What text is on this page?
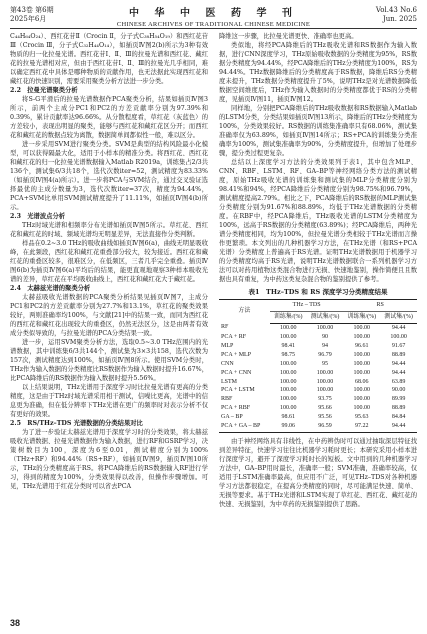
第43卷 第6期
2025年6月	中 华 中 医 药 学 刊
CHINESE ARCHIVES OF TRADITIONAL CHINESE MEDICINE
Vol.43 No.6
Jun. 2025

C₄₄H₆₄O₂₄）、西红花苷Ⅱ（Crocin Ⅱ，分子式C₃₈H₅₄O₁₉）和西红花苷Ⅲ（Crocin Ⅲ，分子式C₃₂H₄₄O₁₄），如插页Ⅳ图2(b)所示为3种有效物质的归一化拉曼光谱。西红花苷Ⅰ、Ⅱ、Ⅲ的拉曼光谱和西红花、藏红花的拉曼光谱相对应，但由于西红花苷Ⅰ、Ⅱ、Ⅲ的拉曼光几乎相同，难以确定西红花中具体是哪种物质的贡献作用，也无法据此实现西红花和藏红花的快速识别，需要采用聚类分析方法进一步分类。

2.2　拉曼光谱聚类分析

将S-G平滑后的拉曼光谱数据作PCA聚类分析，结果如插页Ⅳ图3所示，前两个主成分PC1和PC2的方差贡献率分别为97.39%和0.39%，累计贡献率达96.66%。从分散程度看，草红花（灰蓝色）的方差较小，表现出明显的聚类，能够与西红花和藏红花区分开；而西红花和藏红花的数据点较为离散，数据简单间都似性一般，难以区分。

进一步采用SVM进行聚类分类。SVM是典型的结构风险最小化模型，可以获得隔最大化，适用于小样本的精准分类。将西红花、西红花和藏红花的归一化拉曼光谱数据输入Matlab R2019a，训练集占2/3共136个，测试集6/3共18个，选代次数iter=52，测试精度为83.33%（如插页Ⅳ图4(a)所示）。进一步将PCA与SVM结合，通过交叉验证选择最优的主成分数量为3，选代次数iter=37次，精度为94.44%，PCA+SVM比单用SVM测试精度提升了11.11%，如插页Ⅳ图4(b)所示。

2.3　光谱波点分析

THz时域光谱和相频率分布光谱如插页Ⅳ图5所示。草红花、西红花和藏红花的时域、频域光谱均无明显差异，无法直接作分类判断。

样品在0.2~3.0 THz的吸收曲线如插页Ⅳ图6(a)，曲线无明显吸收峰，在此频段，西红花和藏红花重叠部分较大，较为接近。西红花和藏红花的重叠区较多，很难区分，在低频区，三者几乎完全重叠。插页Ⅳ图6(b)为插页Ⅳ图6(a)平均后的结果，能更直观地观察3种样本吸收光谱的差异，草红花在平均吸收曲线上，西红花和藏红花大于藏红花。

2.4　太赫兹光谱的聚类分析

太赫兹吸收光谱数据的PCA聚类分析结果见插页Ⅳ图7，主成分PC1和PC2的方差贡献率分别为27.7%和13.1%，草红花的聚类效果较好，两则准确率均100%，与文献[21]中的结果一致，而同为西红花的西红花和藏红花出现较大的重叠区，仍然无法区分，这是由两者有效成分类似导致的，与拉曼光谱的PCA分类结果一致。

进一步，运用SVM聚类分析方法，选取0.5~3.0 THz范围内的光谱数据，其中训练集6/3共144个，测试集为3×3共158，选代次数为157次，测试精度达到100%，如插页Ⅳ图8所示。使用SVM分类时，THz作为输入数据的分类精度比RS数据作为输入数据时提升16.67%，比PCA降维后的RS数据作为输入数据时提升5.56%。

以上结果说明，THz光谱用于深度学习时比拉曼光谱有更高的分类精度，这是由于THz时域光谱采用相干测试，信噪比更高，光谱中的信息更为准确，但在低分辨率下THz光谱在更广的频率时对表示分析不仅有更好的效果。

2.5　RS/THz–TDS 光谱数据的分类结果对比

为了进一步验证太赫兹光谱用于深度学习时的分类效果，将太赫兹吸收光谱数据、拉曼光谱数据作为输入数据，进行RF和GSRP学习，决策树数目为100，深度为6至0.01，测试精度分别为100%（THz+RF）和94.44%（RS+RF），如插页Ⅳ图9，插页Ⅳ图10所示，THz的分类精度高于RS。将PCA降维后的RS数据输入RF进行学习，得到的精度为100%，分类效果得以改善，但操作步骤增加。可见，THz光谱用于红花分类时可以省去PCA

降维这一步骤，比拉曼光谱更快、准确率也更高。

类似地，将经PCA降维后的THz吸收光谱和RS数据作为输入数据，进行CNN深度学习，THz原始吸收数据的分类精度为95%，RS数据分类精度为94.44%，经PCA降维后的THz分类精度为100%，RS为94.44%。THz数据降维后的分类精度高于RS数据，降维后RS分类精度未提升，THz数据分类精度提升了5%，说明THz是对光谱数据降低数据空间维度后，THz作为输入数据时的分类精度都优于RS的分类精度，见插页Ⅳ图11，插页Ⅳ图12。

同样地，分别把PCA降维后的THz吸收数据和RS数据输入Matlab的LSTM分类，分类结果如插页Ⅳ图13所示，降维后的THz分类精度为100%，分类效果较好。RS数据的训练集准确率只有68.06%，测试集准确率仅为63.89%，如插页Ⅳ图14所示；RS+PCA的训练集分类准确率为100%，测试集准确率为90%，分类精度提升，但增加了处理步骤，提分类过程更复杂。

总结以上深度学习方法的分类效果列于表1，其中包含MLP、CNN、RBF、LSTM、RF、GA–BP等神经网络分类方法的测试精度，原始THz吸收光谱的训练集和测试集的MLP分类精度分别为98.41%和94%，经PCA降维后分类精度分别为98.75%和96.79%，测试精度提高2.79%。相比之下，PCA降维后的RS数据的MLP测试集分类精度分别为91.67%和88.89%，均低于THz光谱数据的分类精度。在RBF中，经PCA降维后，THz吸收光谱的LSTM分类精度为100%，远高于RS数据的分类精度(63.89%)；经PCA降维后，两种光谱分类精度相同，均为100%，但拉曼光谱分类相较于THz光谱而言操作更繁琐。本文列出的几种机器学习方法，在THz光谱（和RS+PCA光谱）分类精度上普遍高于RS光谱。证明THz光谱数据用于机器学习的分类精度均高于RS光谱，说明THz光谱数据联合一系列机器学习方法可以对药用植物这类混合物进行无损、快速地鉴别，操作简便且且数据也具有重复，为中药这类复杂混合物的鉴别提供了参考。

表1　THz–TDS 和 RS 深度学习分类精度结果
方法	THz – TDS		RS	
	训练集/(%)	测试集/(%)	训练集/(%)	测试集/(%)
RF	100.00	100.00	100.00	94.44
PCA + RF	100.00	90	100.00	100.00
MLP	98.41	94	96.61	91.67
PCA + MLP	98.75	96.79	100.00	88.89
CNN	100.00	95	100.00	94.44
PCA + CNN	100.00	100.00	100.00	94.44
LSTM	100.00	100.00	68.06	63.89
PCA + LSTM	100.00	100.00	100.00	90.00
RBF	100.00	93.75	100.00	89.99
PCA + RBF	100.00	95.66	100.00	88.89
GA – BP	98.61	95.56	95.63	84.84
PCA + GA – BP	99.06	96.59	97.22	94.44

由于神经网络具有非线性，在中药辨伪时可以通过抽取深层特征找到差异特征，快速学习往往比机器学习耗时更长；本研究采用小样本进行深度学习，避开了深度学习耗时长的短板。文中用到的几种机器学习方法中，GA–BP用时最长，准确率一般；SVM准确，准确率较高，仅适用于LSTM准确率最高，但应用不广泛，可见THz–TDS对各种机器学习方法都很稳定，在提高分类精度的同时，尽可能满足快速、简单、无损等要求。基于THz光谱和LSTM实现了草红花、西红花、藏红花的快速、无损鉴别，为中草药的无损鉴别提供了思路。

38
